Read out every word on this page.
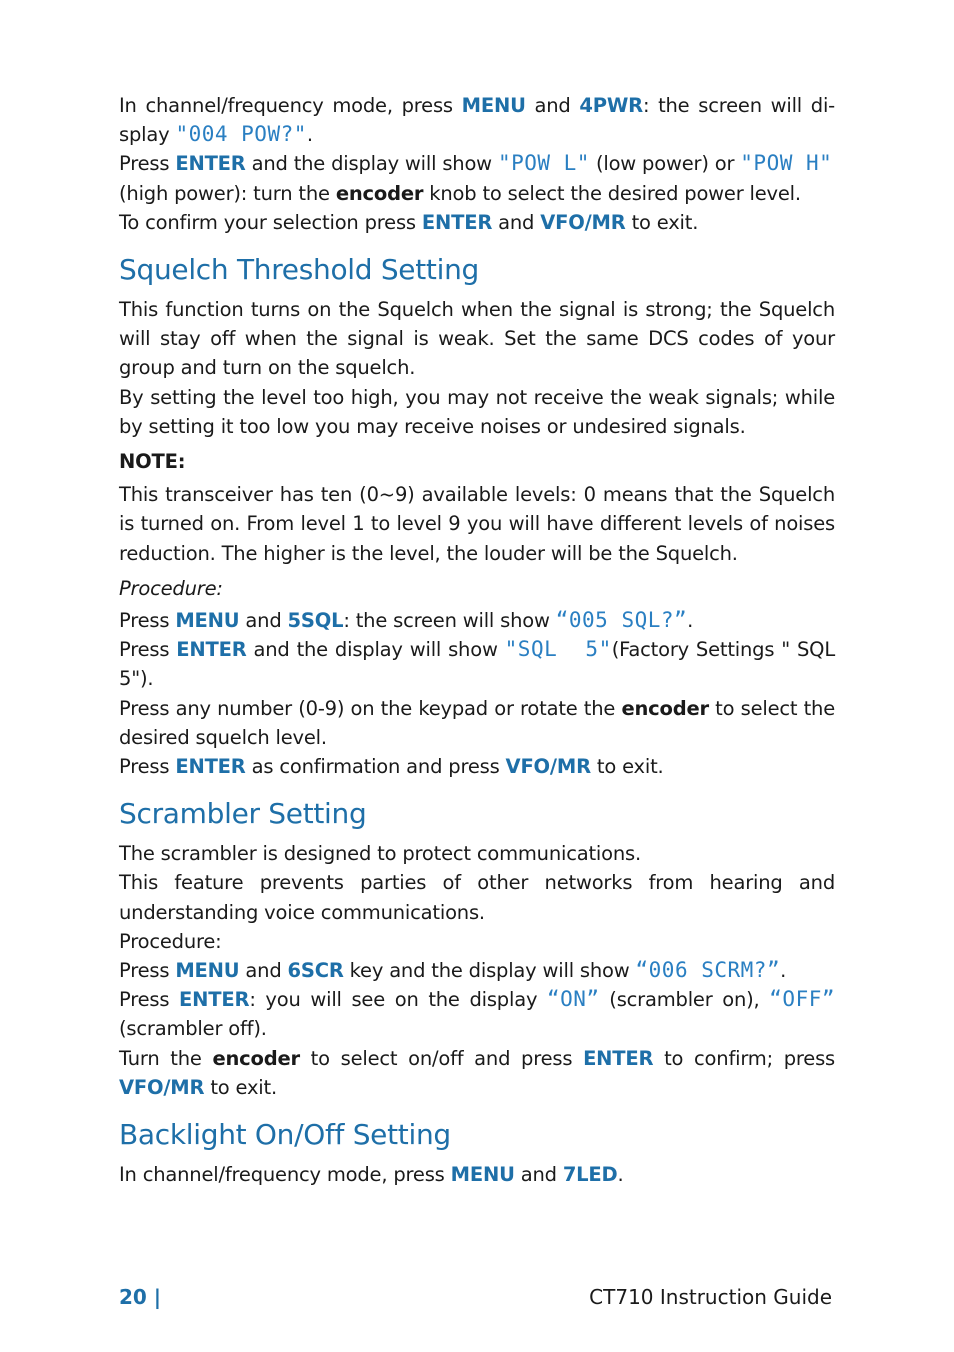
In channel/frequency mode, press MENU and 4PWR: the screen will di-

splay "004 POW?".

Press ENTER and the display will show "POW L" (low power) or "POW H"

(high power): turn the encoder knob to select the desired power level.

To confirm your selection press ENTER and VFO/MR to exit.

Squelch Threshold Setting

This function turns on the Squelch when the signal is strong; the Squelch will stay off when the signal is weak. Set the same DCS codes of your group and turn on the squelch.

By setting the level too high, you may not receive the weak signals; while by setting it too low you may receive noises or undesired signals.

NOTE:

This transceiver has ten (0~9) available levels: 0 means that the Squelch is turned on. From level 1 to level 9 you will have different levels of noises reduction. The higher is the level, the louder will be the Squelch.

Procedure:

Press MENU and 5SQL: the screen will show “005 SQL?”.

Press ENTER and the display will show "SQL  5"(Factory Settings " SQL 5").

Press any number (0-9) on the keypad or rotate the encoder to select the desired squelch level.

Press ENTER as confirmation and press VFO/MR to exit.

Scrambler Setting

The scrambler is designed to protect communications.

This feature prevents parties of other networks from hearing and understanding voice communications.

Procedure:

Press MENU and 6SCR key and the display will show “006 SCRM?”.

Press ENTER: you will see on the display “ON” (scrambler on), “OFF” (scrambler off).

Turn the encoder to select on/off and press ENTER to confirm; press VFO/MR to exit.

Backlight On/Off Setting

In channel/frequency mode, press MENU and 7LED.

20 |	CT710 Instruction Guide
